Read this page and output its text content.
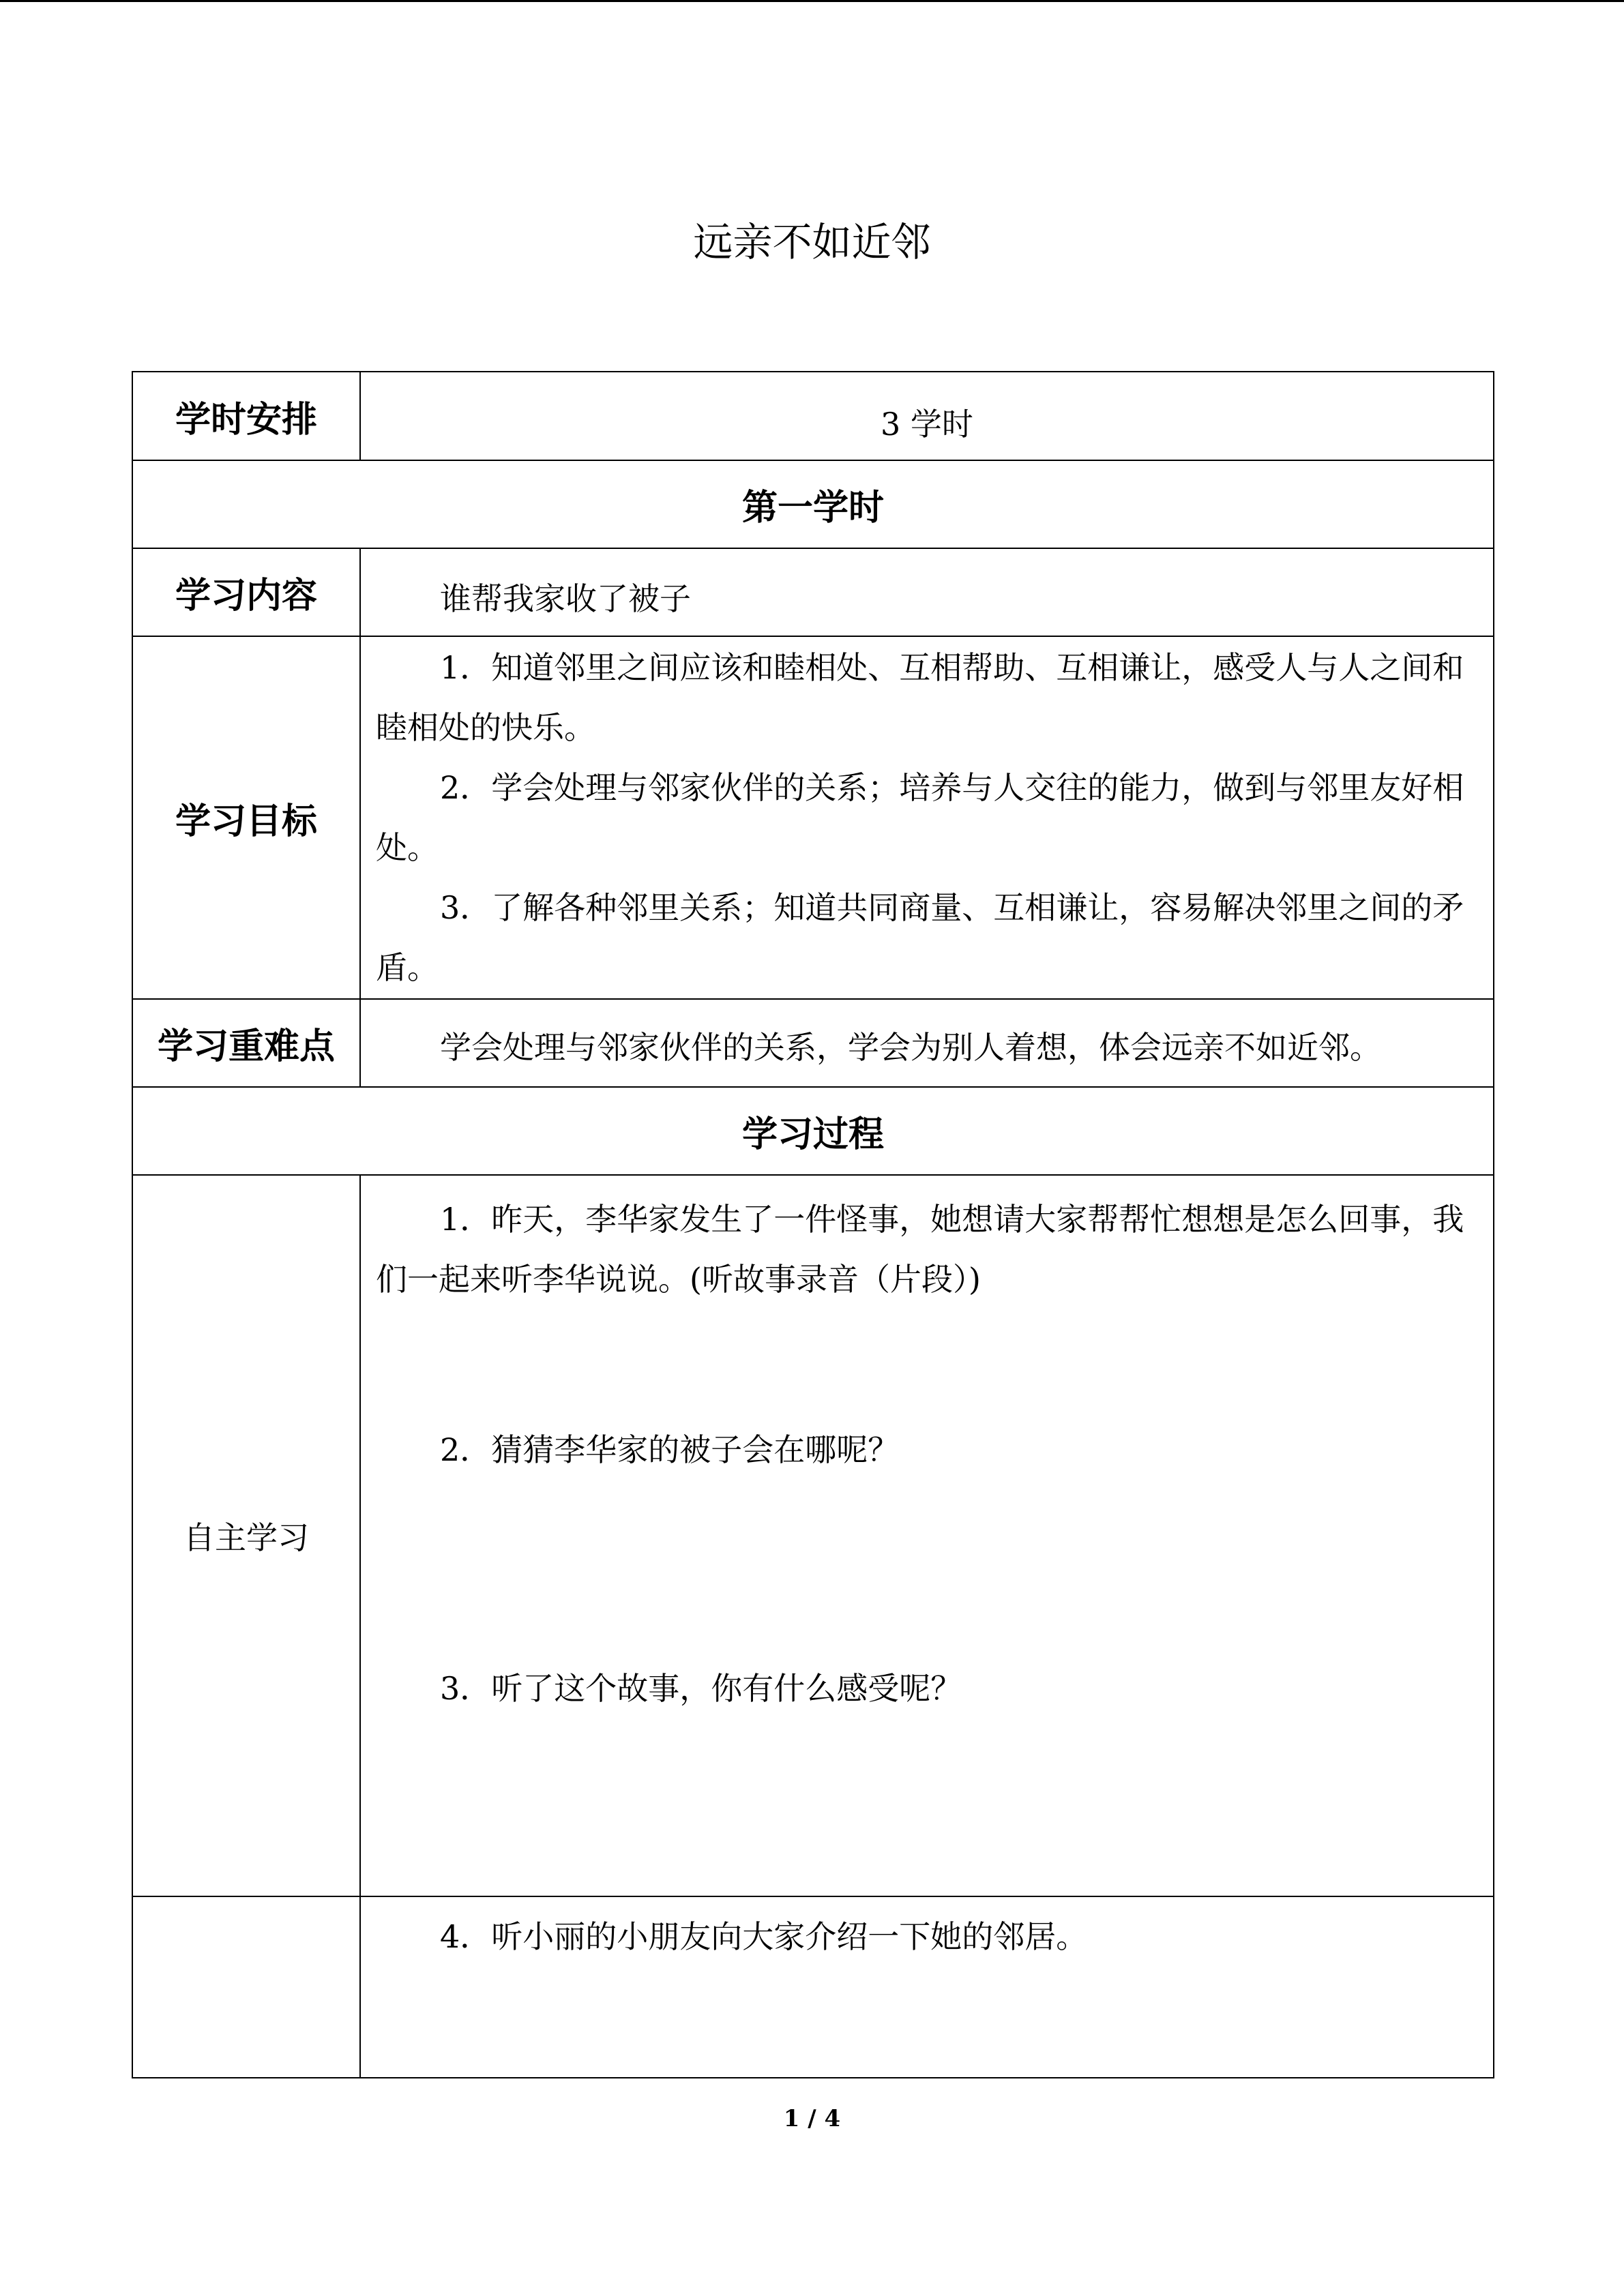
远亲不如近邻
学时安排	3 学时
第一学时	
学习内容	谁帮我家收了被子

学习目标	1．知道邻里之间应该和睦相处、互相帮助、互相谦让，感受人与人之间和睦相处的快乐。

2．学会处理与邻家伙伴的关系；培养与人交往的能力，做到与邻里友好相处。

3．了解各种邻里关系；知道共同商量、互相谦让，容易解决邻里之间的矛盾。

学习重难点	学会处理与邻家伙伴的关系，学会为别人着想，体会远亲不如近邻。

学习过程	
自主学习	1．昨天，李华家发生了一件怪事，她想请大家帮帮忙想想是怎么回事，我们一起来听李华说说。(听故事录音（片段）)

2．猜猜李华家的被子会在哪呢？

3．听了这个故事，你有什么感受呢？

	4．听小丽的小朋友向大家介绍一下她的邻居。

1 / 4
